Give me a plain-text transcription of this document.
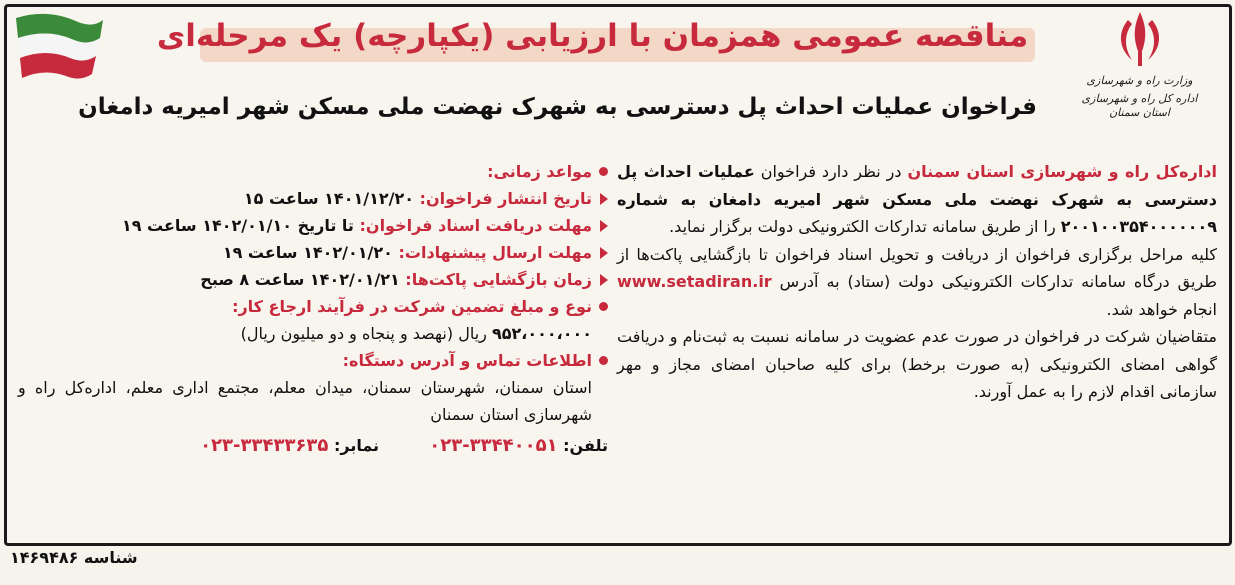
وزارت راه و شهرسازی
اداره کل راه و شهرسازی استان سمنان
مناقصه عمومی همزمان با ارزیابی (یکپارچه) یک مرحله‌ای
فراخوان عملیات احداث پل دسترسی به شهرک نهضت ملی مسکن شهر امیریه دامغان
اداره‌کل راه و شهرسازی استان سمنان در نظر دارد فراخوان عملیات احداث پل دسترسی به شهرک نهضت ملی مسکن شهر امیریه دامغان به شماره ۲۰۰۱۰۰۳۵۴۰۰۰۰۰۰۹ را از طریق سامانه تدارکات الکترونیکی دولت برگزار نماید.
کلیه مراحل برگزاری فراخوان از دریافت و تحویل اسناد فراخوان تا بازگشایی پاکت‌ها از طریق درگاه سامانه تدارکات الکترونیکی دولت (ستاد) به آدرس www.setadiran.ir انجام خواهد شد.
متقاضیان شرکت در فراخوان در صورت عدم عضویت در سامانه نسبت به ثبت‌نام و دریافت گواهی امضای الکترونیکی (به صورت برخط) برای کلیه صاحبان امضای مجاز و مهر سازمانی اقدام لازم را به عمل آورند.
مواعد زمانی:
تاریخ انتشار فراخوان: ۱۴۰۱/۱۲/۲۰ ساعت ۱۵
مهلت دریافت اسناد فراخوان: تا تاریخ ۱۴۰۲/۰۱/۱۰ ساعت ۱۹
مهلت ارسال پیشنهادات: ۱۴۰۲/۰۱/۲۰ ساعت ۱۹
زمان بازگشایی پاکت‌ها: ۱۴۰۲/۰۱/۲۱ ساعت ۸ صبح
نوع و مبلغ تضمین شرکت در فرآیند ارجاع کار:
۹۵۲،۰۰۰،۰۰۰ ریال (نهصد و پنجاه و دو میلیون ریال)
اطلاعات تماس و آدرس دستگاه:
استان سمنان، شهرستان سمنان، میدان معلم، مجتمع اداری معلم، اداره‌کل راه و شهرسازی استان سمنان
تلفن: ۰۲۳-۳۳۴۴۰۰۵۱  نمابر: ۰۲۳-۳۳۴۳۳۶۳۵
شناسه ۱۴۶۹۴۸۶
